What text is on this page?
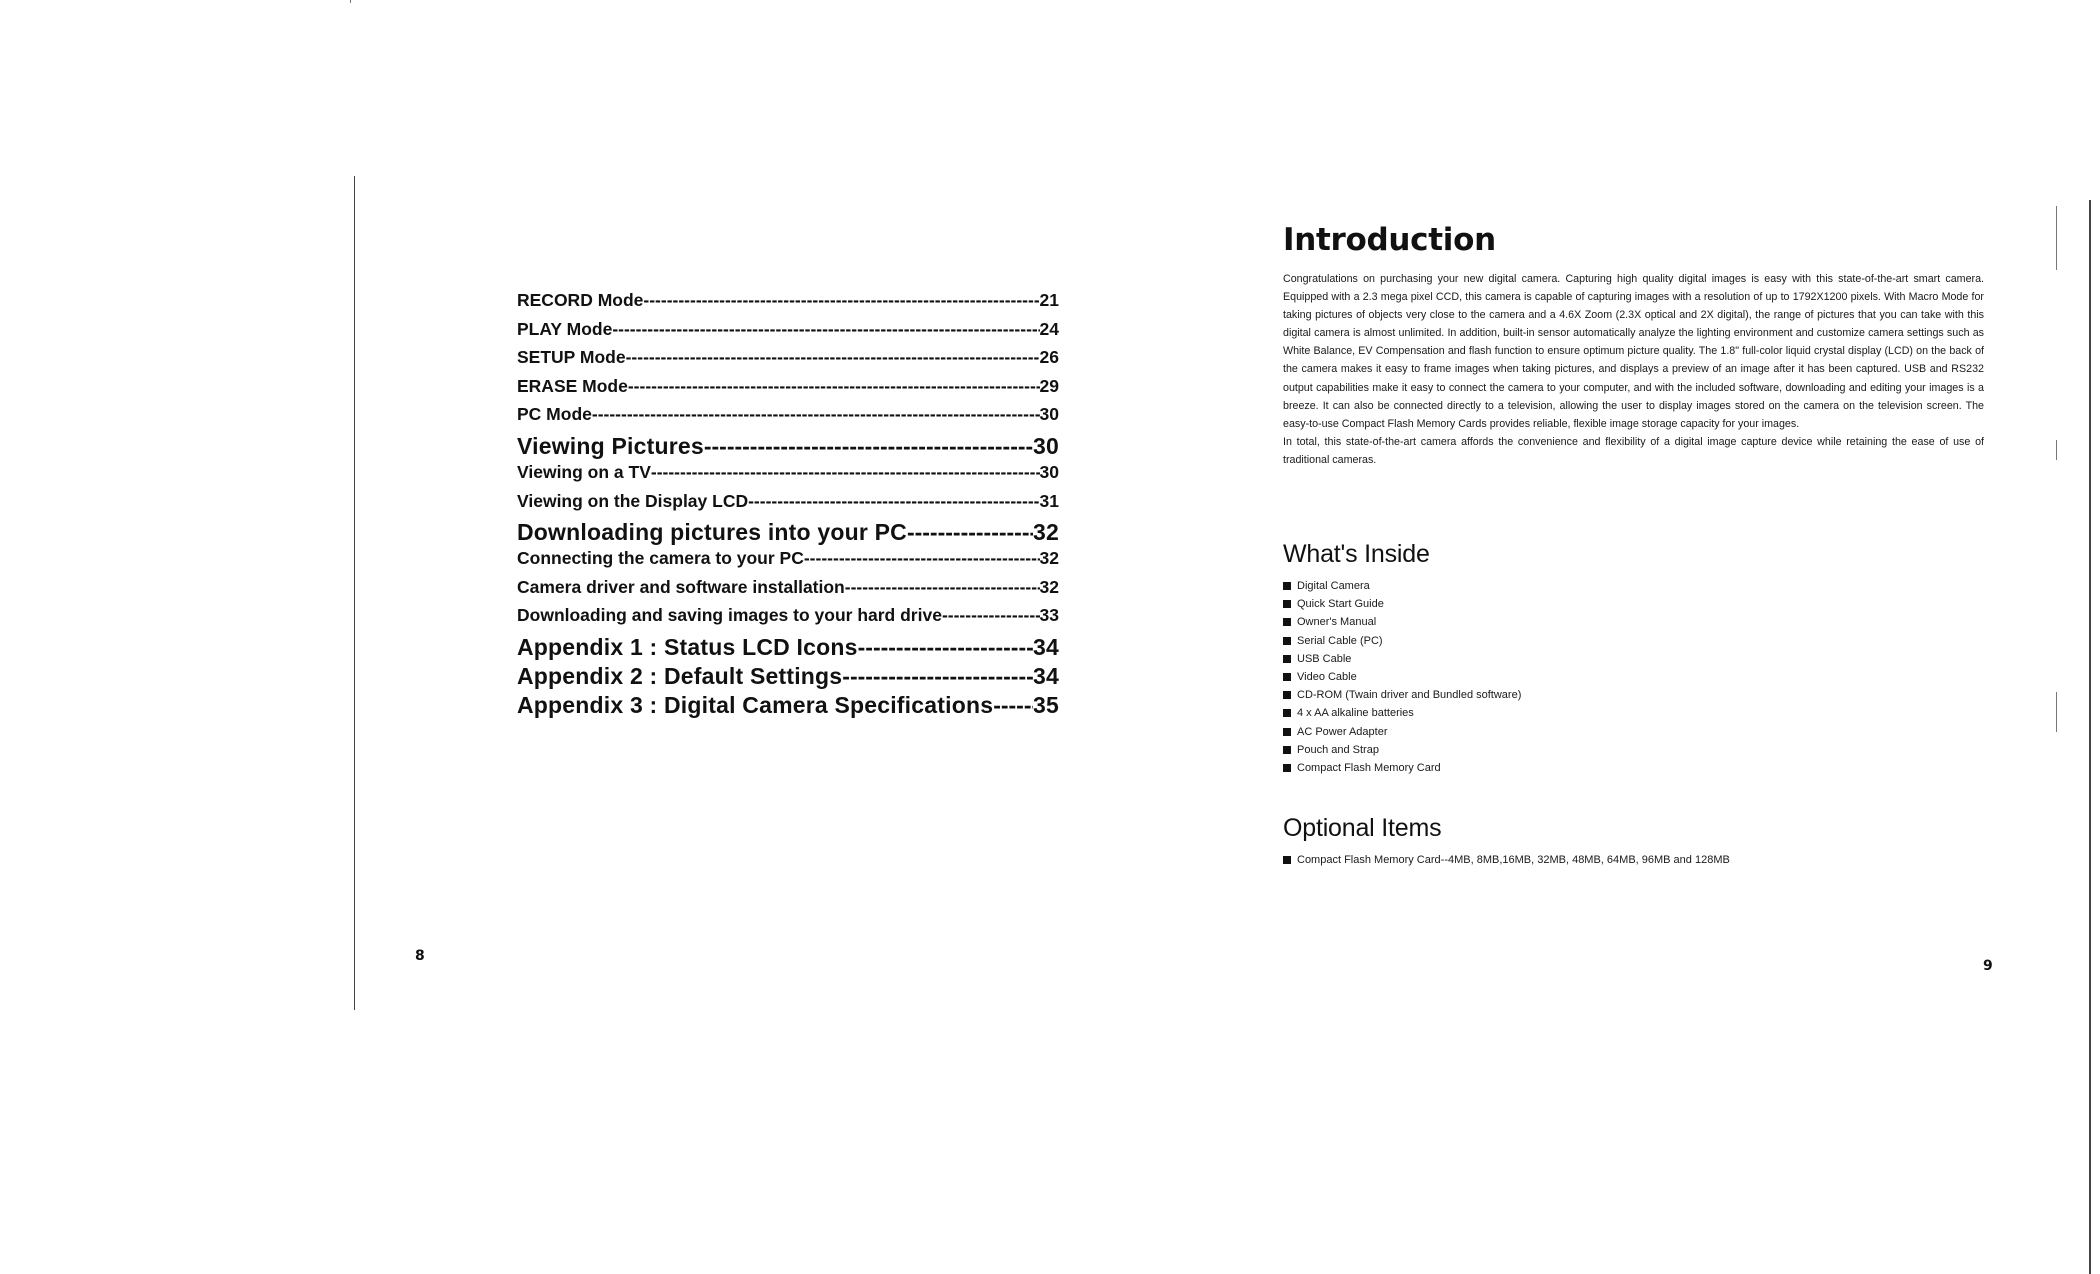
RECORD Mode -----	21
PLAY Mode -----	24
SETUP Mode -----	26
ERASE Mode -----	29
PC Mode -----	30
Viewing Pictures -----	30
Viewing on a TV -----	30
Viewing on the Display LCD -----	31
Downloading pictures into your PC -----	32
Connecting the camera to your PC -----	32
Camera driver and software installation -----	32
Downloading and saving images to your hard drive -----	33
Appendix 1 : Status LCD Icons -----	34
Appendix 2 : Default Settings -----	34
Appendix 3 : Digital Camera Specifications ----- 35
8
Introduction

Congratulations on purchasing your new digital camera. Capturing high quality digital images is easy with this state-of-the-art smart camera. Equipped with a 2.3 mega pixel CCD, this camera is capable of capturing images with a resolution of up to 1792X1200 pixels. With Macro Mode for taking pictures of objects very close to the camera and a 4.6X Zoom (2.3X optical and 2X digital), the range of pictures that you can take with this digital camera is almost unlimited. In addition, built-in sensor automatically analyze the lighting environment and customize camera settings such as White Balance, EV Compensation and flash function to ensure optimum picture quality. The 1.8" full-color liquid crystal display (LCD) on the back of the camera makes it easy to frame images when taking pictures, and displays a preview of an image after it has been captured. USB and RS232 output capabilities make it easy to connect the camera to your computer, and with the included software, downloading and editing your images is a breeze. It can also be connected directly to a television, allowing the user to display images stored on the camera on the television screen. The easy-to-use Compact Flash Memory Cards provides reliable, flexible image storage capacity for your images.

In total, this state-of-the-art camera affords the convenience and flexibility of a digital image capture device while retaining the ease of use of traditional cameras.

What's Inside
Digital Camera
Quick Start Guide
Owner's Manual
Serial Cable (PC)
USB Cable
Video Cable
CD-ROM (Twain driver and Bundled software)
4 x AA alkaline batteries
AC Power Adapter
Pouch and Strap
Compact Flash Memory Card
Optional Items
Compact Flash Memory Card--4MB, 8MB,16MB, 32MB, 48MB, 64MB, 96MB and 128MB
9
